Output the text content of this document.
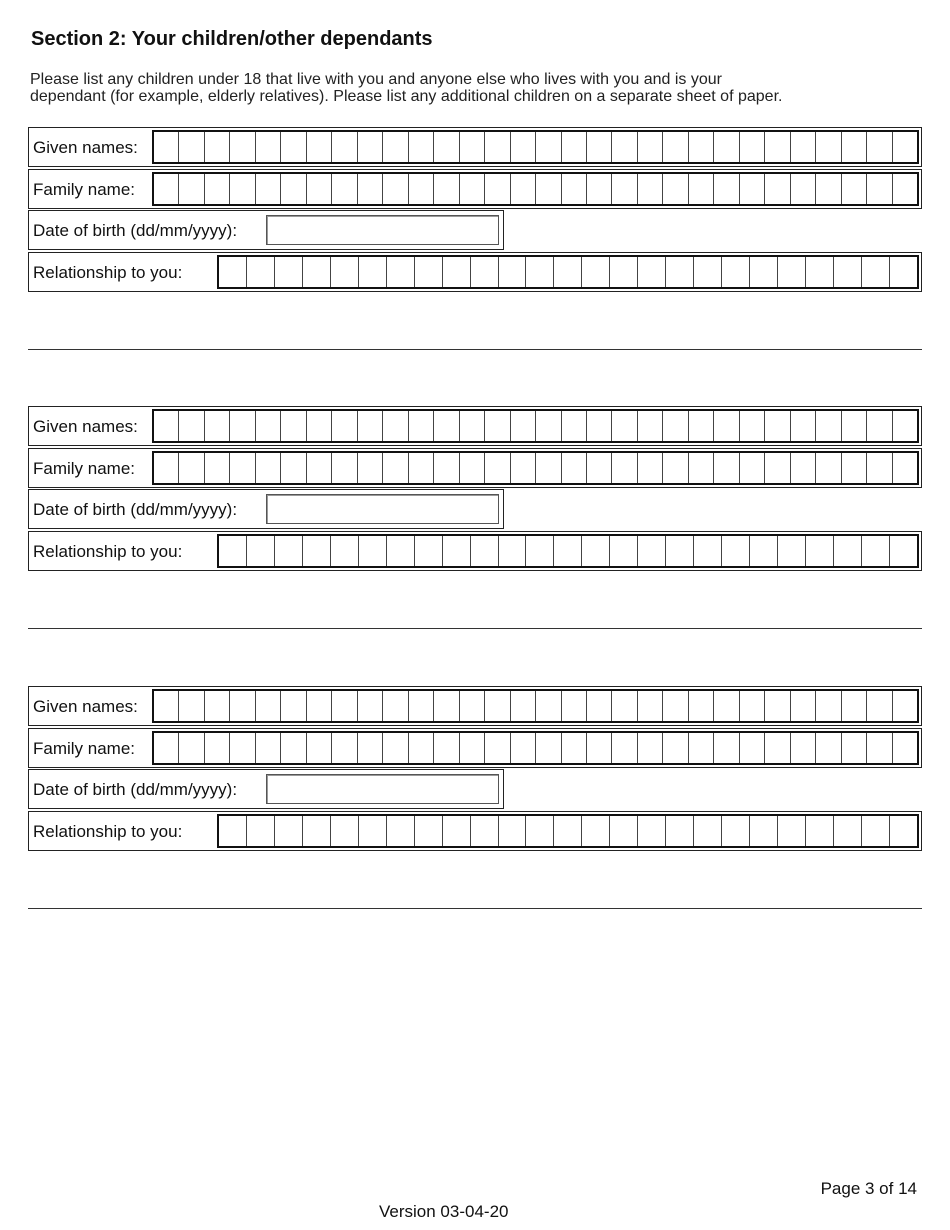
Section 2: Your children/other dependants
Please list any children under 18 that live with you and anyone else who lives with you and is your
dependant (for example, elderly relatives). Please list any additional children on a separate sheet of paper.
Given names:
Family name:
Date of birth (dd/mm/yyyy):
Relationship to you:
Given names:
Family name:
Date of birth (dd/mm/yyyy):
Relationship to you:
Given names:
Family name:
Date of birth (dd/mm/yyyy):
Relationship to you:

Page 3 of 14

Version 03-04-20
